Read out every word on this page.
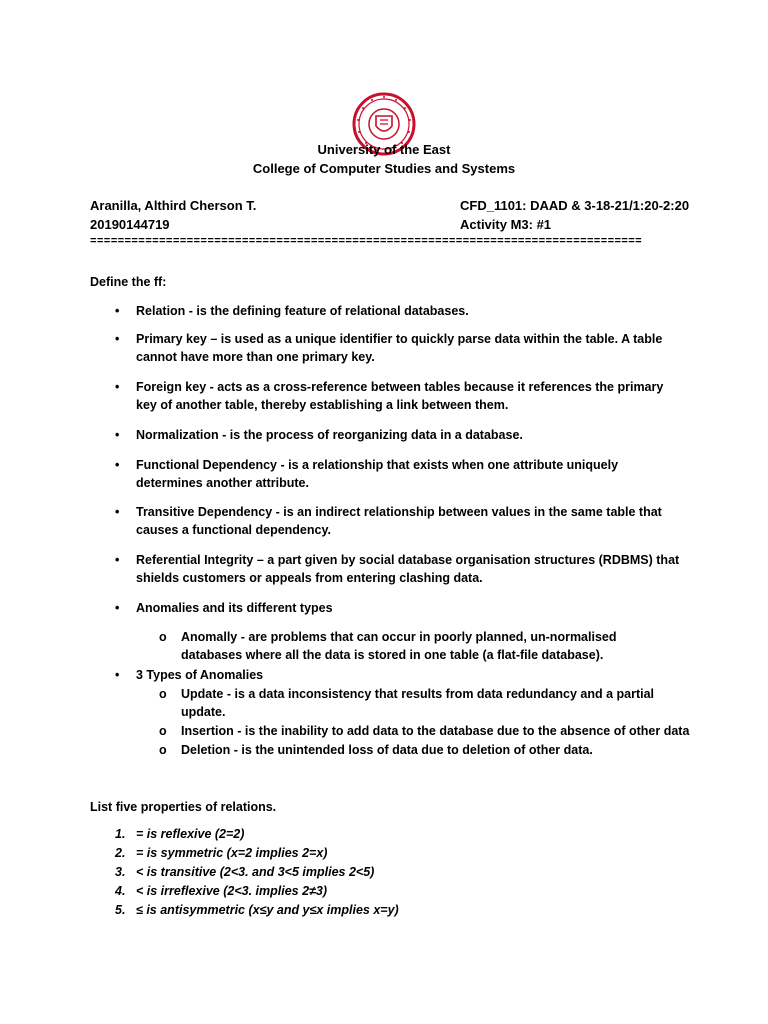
University of the East
College of Computer Studies and Systems
Aranilla, Althird Cherson T.
20190144719
CFD_1101: DAAD & 3-18-21/1:20-2:20
Activity M3: #1
================================================================================
Define the ff:
• Relation - is the defining feature of relational databases.
• Primary key – is used as a unique identifier to quickly parse data within the table. A table cannot have more than one primary key.
• Foreign key - acts as a cross-reference between tables because it references the primary key of another table, thereby establishing a link between them.
• Normalization - is the process of reorganizing data in a database.
• Functional Dependency - is a relationship that exists when one attribute uniquely determines another attribute.
• Transitive Dependency - is an indirect relationship between values in the same table that causes a functional dependency.
• Referential Integrity – a part given by social database organisation structures (RDBMS) that shields customers or appeals from entering clashing data.
• Anomalies and its different types
o Anomally - are problems that can occur in poorly planned, un-normalised databases where all the data is stored in one table (a flat-file database).
• 3 Types of Anomalies
o Update - is a data inconsistency that results from data redundancy and a partial update.
o Insertion - is the inability to add data to the database due to the absence of other data
o Deletion - is the unintended loss of data due to deletion of other data.
List five properties of relations.
1. = is reflexive (2=2)
2. = is symmetric (x=2 implies 2=x)
3. < is transitive (2<3. and 3<5 implies 2<5)
4. < is irreflexive (2<3. implies 2≠3)
5. ≤ is antisymmetric (x≤y and y≤x implies x=y)
